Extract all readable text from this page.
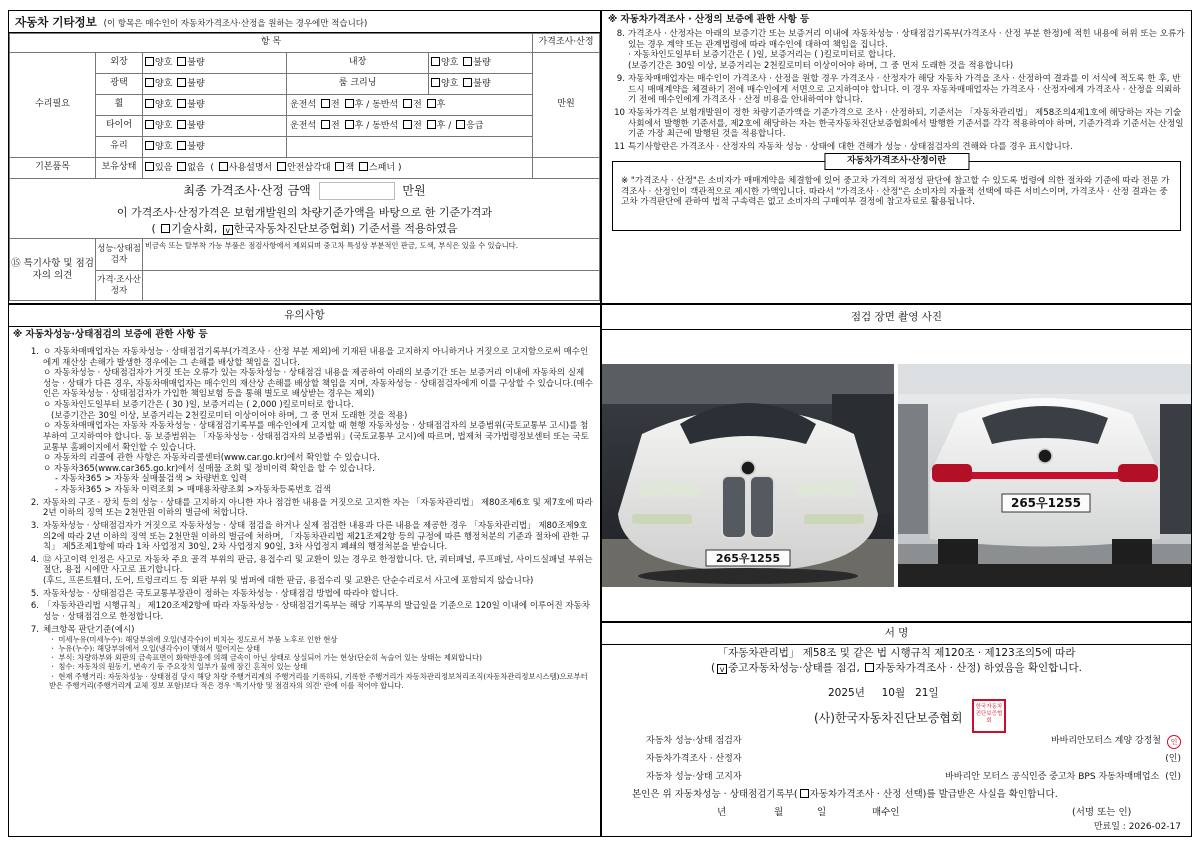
자동차 기타정보 (이 항목은 매수인이 자동차가격조사·산정을 원하는 경우에만 적습니다)
항 목					가격조사·산정
수리필요	외장	양호 불량	내장	양호 불량	만원
	광택	양호 불량	룸 크리닝	양호 불량	
	휠	양호 불량	운전석 전 후 / 동반석 전 후		
	타이어	양호 불량	운전석 전 후 / 동반석 전 후 / 응급		
	유리	양호 불량			
기본품목	보유상태	있음 없음  ( 사용설명서 안전삼각대 잭 스패너 )			

최종 가격조사·산정 금액 만원
이 가격조사·산정가격은 보험개발원의 차량기준가액을 바탕으로 한 기준가격과
( 기술사회, v 한국자동차진단보증협회) 기준서를 적용하였음					

⑮ 특기사항 및 점검자의 의견	성능·상태점검자	비금속 또는 탈부착 가능 부품은 점검사항에서 제외되며 중고차 특성상 부분적인 판금, 도색, 부식은 있을 수 있습니다.			
	가격·조사산정자				
※ 자동차가격조사 · 산정의 보증에 관한 사항 등
8. 가격조사 · 산정자는 아래의 보증기간 또는 보증거리 이내에 자동차성능 · 상태점검기록부(가격조사 · 산정 부분 한정)에 적힌 내용에 허위 또는 오류가 있는 경우 계약 또는 관계법령에 따라 매수인에 대하여 책임을 집니다.

· 자동차인도일부터 보증기간은 ( )일, 보증거리는 ( )킬로미터로 합니다.

(보증기간은 30일 이상, 보증거리는 2천킬로미터 이상이어야 하며, 그 중 먼저 도래한 것을 적용합니다)

9. 자동차매매업자는 매수인이 가격조사 · 산정을 원할 경우 가격조사 · 산정자가 해당 자동차 가격을 조사 · 산정하여 결과를 이 서식에 적도록 한 후, 반드시 매매계약을 체결하기 전에 매수인에게 서면으로 고지하여야 합니다. 이 경우 자동차매매업자는 가격조사 · 산정자에게 가격조사 · 산정을 의뢰하기 전에 매수인에게 가격조사 · 산정 비용을 안내하여야 합니다.

10 자동차가격은 보험개발원이 정한 차량기준가액을 기준가격으로 조사 · 산정하되, 기준서는 「자동차관리법」 제58조의4제1호에 해당하는 자는 기술사회에서 발행한 기준서를, 제2호에 해당하는 자는 한국자동차진단보증협회에서 발행한 기준서를 각각 적용하여야 하며, 기준가격과 기준서는 산정일 기준 가장 최근에 발행된 것을 적용합니다.

11 특기사항란은 가격조사 · 산정자의 자동차 성능 · 상태에 대한 견해가 성능 · 상태점검자의 견해와 다를 경우 표시합니다.

자동차가격조사·산정이란

※ "가격조사 · 산정"은 소비자가 매매계약을 체결함에 있어 중고차 가격의 적정성 판단에 참고할 수 있도록 법령에 의한 절차와 기준에 따라 전문 가격조사 · 산정인이 객관적으로 제시한 가액입니다. 따라서 "가격조사 · 산정"은 소비자의 자율적 선택에 따른 서비스이며, 가격조사 · 산정 결과는 중고차 가격판단에 관하여 법적 구속력은 없고 소비자의 구매여부 결정에 참고자료로 활용됩니다.

유의사항
※ 자동차성능·상태점검의 보증에 관한 사항 등
1. ㅇ 자동차매매업자는 자동차성능 · 상태점검기록부(가격조사 · 산정 부분 제외)에 기재된 내용을 고지하지 아니하거나 거짓으로 고지함으로써 매수인에게 재산상 손해가 발생한 경우에는 그 손해를 배상할 책임을 집니다.

ㅇ 자동차성능 · 상태점검자가 거짓 또는 오류가 있는 자동차성능 · 상태점검 내용을 제공하여 아래의 보증기간 또는 보증거리 이내에 자동차의 실제 성능 · 상태가 다른 경우, 자동차매매업자는 매수인의 재산상 손해를 배상할 책임을 지며, 자동차성능 · 상태점검자에게 이를 구상할 수 있습니다.(매수인은 자동차성능 · 상태점검자가 가입한 책임보험 등을 통해 별도로 배상받는 경우는 제외)

ㅇ 자동차인도일부터 보증기간은 ( 30 )일, 보증거리는 ( 2,000 )킬로미터로 합니다.

(보증기간은 30일 이상, 보증거리는 2천킬로미터 이상이어야 하며, 그 중 먼저 도래한 것을 적용)

ㅇ 자동차매매업자는 자동차 자동차성능 · 상태점검기록부를 매수인에게 고지할 때 현행 자동차성능 · 상태점검자의 보증범위(국토교통부 고시)를 첨부하여 고지하여야 합니다. 동 보증범위는 「자동차성능 · 상태점검자의 보증범위」(국토교통부 고시)에 따르며, 법제처 국가법령정보센터 또는 국토교통부 홈페이지에서 확인할 수 있습니다.

ㅇ 자동차의 리콜에 관한 사항은 자동차리콜센터(www.car.go.kr)에서 확인할 수 있습니다.

ㅇ 자동차365(www.car365.go.kr)에서 실매물 조회 및 정비이력 확인을 할 수 있습니다.

- 자동차365 > 자동차 실매물검색 > 차량번호 입력

- 자동차365 > 자동차 이력조회 > 매매용차량조회 >자동차등록번호 검색

2. 자동차의 구조 · 장치 등의 성능 · 상태를 고지하지 아니한 자나 점검한 내용을 거짓으로 고지한 자는 「자동차관리법」 제80조제6호 및 제7호에 따라 2년 이하의 징역 또는 2천만원 이하의 벌금에 처합니다.

3. 자동차성능 · 상태점검자가 거짓으로 자동차성능 · 상태 점검을 하거나 실제 점검한 내용과 다른 내용을 제공한 경우 「자동차관리법」 제80조제9호의2에 따라 2년 이하의 징역 또는 2천만원 이하의 벌금에 처하며, 「자동차관리법 제21조제2항 등의 규정에 따른 행정처분의 기준과 절차에 관한 규칙」 제5조제1항에 따라 1차 사업정지 30일, 2차 사업정지 90일, 3차 사업정지 폐쇄의 행정처분을 받습니다.

4. ⑫ 사고이력 인정은 사고로 자동차 주요 골격 부위의 판금, 용접수리 및 교환이 있는 경우로 한정합니다. 단, 쿼터패널, 루프패널, 사이드실패널 부위는 절단, 용접 시에만 사고로 표기합니다.

(후드, 프론트휀더, 도어, 트렁크리드 등 외판 부위 및 범퍼에 대한 판금, 용접수리 및 교환은 단순수리로서 사고에 포함되지 않습니다)

5. 자동차성능 · 상태점검은 국토교통부장관이 정하는 자동차성능 · 상태점검 방법에 따라야 합니다.

6. 「자동차관리법 시행규칙」 제120조제2항에 따라 자동차성능 · 상태점검기록부는 해당 기록부의 발급일을 기준으로 120일 이내에 이루어진 자동차 성능 · 상태점검으로 한정합니다.

7. 체크항목 판단기준(예시)

ㆍ 미세누유(미세누수): 해당부위에 오일(냉각수)이 비치는 정도로서 부품 노후로 인한 현상

ㆍ 누유(누수): 해당부위에서 오일(냉각수)이 맺혀서 떨어지는 상태

ㆍ 부식: 차량하부와 외판의 금속표면이 화학반응에 의해 금속이 아닌 상태로 상실되어 가는 현상(단순히 녹슬어 있는 상태는 제외합니다)

ㆍ 침수: 자동차의 원동기, 변속기 등 주요장치 일부가 물에 잠긴 흔적이 있는 상태

ㆍ 현재 주행거리: 자동차성능 · 상태점검 당시 해당 차량 주행거리계의 주행거리를 기록하되, 기록한 주행거리가 자동차관리정보처리조직(자동차관리정보시스템)으로부터 받은 주행거리(주행거리계 교체 정보 포함)보다 적은 경우 '특기사항 및 점검자의 의견' 란에 이를 적어야 합니다.

점검 장면 촬영 사진
265우1255
265우1255
서 명

「자동차관리법」 제58조 및 같은 법 시행규칙 제120조 · 제123조의5에 따라

( v 중고자동차성능·상태를 점검, 자동차가격조사 · 산정) 하였음을 확인합니다.

2025년 10월 21일
(사)한국자동차진단보증협회
한국자동차진단보증협회
자동차 성능·상태 점검자	바바리안모터스 계양 강정철	인
자동차가격조사 · 산정자	(인)
자동차 성능·상태 고지자	바바리안 모터스 공식인증 중고차 BPS 자동차매매업소 (인)
본인은 위 자동차성능 · 상태점검기록부( 자동차가격조사 · 산정 선택)를 발급받은 사실을 확인합니다.
년	월	일	매수인	(서명 또는 인)
만료일 : 2026-02-17
